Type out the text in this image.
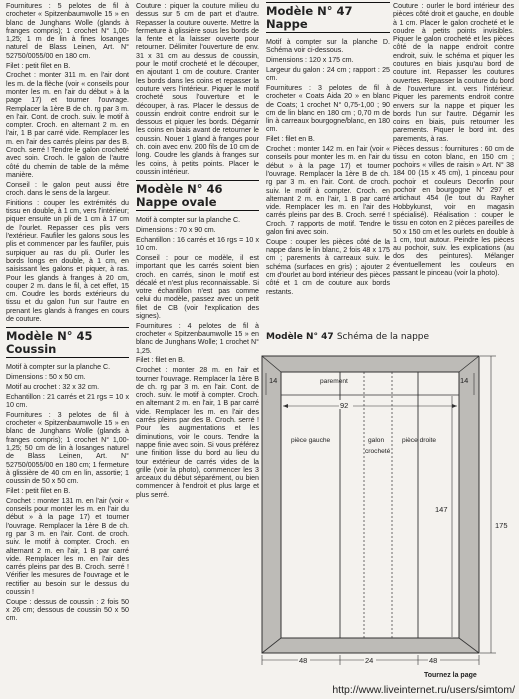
Fournitures : 5 pelotes de fil à crocheter « Spitzenbaumwolle 15 » en blanc de Junghans Wolle (glands à franges compris); 1 crochet N° 1,00-1,25; 1 m de lin à fines losanges naturel de Blass Leinen, Art. N° 52750/0055/00 en 180 cm.

Filet : petit filet en B.

Crochet : monter 311 m. en l'air dont les m. de la flèche (voir « conseils pour monter les m. en l'air du début » à la page 17) et tourner l'ouvrage. Remplacer la 1ère B de ch. rg par 3 m. en l'air. Cont. de croch. suiv. le motif à compter. Croch. en alternant 2 m. en l'air, 1 B par carré vide. Remplacer les m. en l'air des carrés pleins par des B. Croch. serré ! Tendre le galon crocheté avec soin. Croch. le galon de l'autre côté du chemin de table de la même manière.

Conseil : le galon peut aussi être croch. dans le sens de la largeur.

Finitions : couper les extrémités du tissu en double, à 1 cm, vers l'intérieur; piquer ensuite un pli de 1 cm à 17 cm de l'ourlet. Repasser ces plis vers l'extérieur. Faufiler les galons sous les plis et commencer par les faufiler, puis surpiquer au ras du pli. Ourler les bords longs en double, à 1 cm, en saisissant les galons et piquer, à ras. Pour les glands à franges à 20 cm, couper 2 m. dans le fil, à cet effet, 15 cm. Coudre les bords extérieurs du tissu et du galon l'un sur l'autre en prenant les glands à franges en cours de couture.

Modèle N° 45
Coussin

Motif à compter sur la planche C.

Dimensions : 50 x 50 cm.

Motif au crochet : 32 x 32 cm.

Echantillon : 21 carrés et 21 rgs = 10 x 10 cm.

Fournitures : 3 pelotes de fil à crocheter « Spitzenbaumwolle 15 » en blanc de Junghans Wolle (glands à franges compris); 1 crochet N° 1,00-1,25; 50 cm de lin à losanges naturel de Blass Leinen, Art. N° 52750/0055/00 en 180 cm; 1 fermeture à glissière de 40 cm en lin, assortie; 1 coussin de 50 x 50 cm.

Filet : petit filet en B.

Crochet : monter 131 m. en l'air (voir « conseils pour monter les m. en l'air du début » à la page 17) et tourner l'ouvrage. Remplacer la 1ère B de ch. rg par 3 m. en l'air. Cont. de croch. suiv. le motif à compter. Croch. en alternant 2 m. en l'air, 1 B par carré vide. Remplacer les m. en l'air des carrés pleins par des B. Croch. serré ! Vérifier les mesures de l'ouvrage et le rectifier au besoin sur le dessus du coussin !

Coupe : dessus de coussin : 2 fois 50 x 26 cm; dessous de coussin 50 x 50 cm.

Couture : piquer la couture milieu du dessus sur 5 cm de part et d'autre. Repasser la couture ouverte. Mettre la fermeture à glissière sous les bords de la fente et la laisser ouverte pour retourner. Délimiter l'ouverture de env. 31 x 31 cm au dessus de coussin, pour le motif crocheté et le découper, en ajoutant 1 cm de couture. Cranter les bords dans les coins et repasser la couture vers l'intérieur. Piquer le motif crocheté sous l'ouverture et le découper, à ras. Placer le dessus de coussin endroit contre endroit sur le dessous et piquer les bords. Dégarnir les coins en biais avant de retourner le coussin. Nouer 1 gland à franges pour ch. coin avec env. 200 fils de 10 cm de long. Coudre les glands à franges sur les coins, à petits points. Placer le coussin intérieur.

Modèle N° 46
Nappe ovale

Motif à compter sur la planche C.

Dimensions : 70 x 90 cm.

Echantillon : 16 carrés et 16 rgs = 10 x 10 cm.

Conseil : pour ce modèle, il est important que les carrés soient bien croch. en carrés, sinon le motif est décalé et n'est plus reconnaissable. Si votre échantillon n'est pas comme celui du modèle, passez avec un petit filet de CB (voir l'explication des signes).

Fournitures : 4 pelotes de fil à crocheter « Spitzenbaumwolle 15 » en blanc de Junghans Wolle; 1 crochet N° 1,25.

Filet : filet en B.

Crochet : monter 28 m. en l'air et tourner l'ouvrage. Remplacer la 1ère B de ch. rg par 3 m. en l'air. Cont. de croch. suiv. le motif à compter. Croch. en alternant 2 m. en l'air, 1 B par carré vide. Remplacer les m. en l'air des carrés pleins par des B. Croch. serré ! Pour les augmentations et les diminutions, voir le cours. Tendre la nappe finie avec soin. Si vous préférez une finition lisse du bord au lieu du tour extérieur de carrés vides de la grille (voir la photo), commencer les 3 arceaux du début séparément, ou bien commencer à l'endroit et plus large et plus serré.

Modèle N° 47
Nappe

Motif à compter sur la planche D. Schéma voir ci-dessous.

Dimensions : 120 x 175 cm.

Largeur du galon : 24 cm ; rapport : 25 cm.

Fournitures : 3 pelotes de fil à crocheter « Coats Aida 20 » en blanc de Coats; 1 crochet N° 0,75-1,00 ; 90 cm de lin blanc en 180 cm ; 0,70 m de lin à carreaux bourgogne/blanc, en 180 cm.

Filet : filet en B.

Crochet : monter 142 m. en l'air (voir « conseils pour monter les m. en l'air du début » à la page 17) et tourner l'ouvrage. Remplacer la 1ère B de ch. rg par 3 m. en l'air. Cont. de croch. suiv. le motif à compter. Croch. en alternant 2 m. en l'air, 1 B par carré vide. Remplacer les m. en l'air des carrés pleins par des B. Croch. serré ! Croch. 7 rapports de motif. Tendre le galon fini avec soin.

Coupe : couper les pièces côté de la nappe dans le lin blanc, 2 fois 48 x 175 cm ; parements à carreaux suiv. le schéma (surfaces en gris) ; ajouter 2 cm d'ourlet au bord intérieur des pièces côté et 1 cm de couture aux bords restants.

Couture : ourler le bord intérieur des pièces côté droit et gauche, en double à 1 cm. Placer le galon crocheté et le coudre à petits points invisibles. Piquer le galon crocheté et les pièces côté de la nappe endroit contre endroit, suiv. le schéma et piquer les coutures en biais jusqu'au bord de couture int. Repasser les coutures ouvertes. Repasser la couture du bord de l'ouverture int. vers l'intérieur. Piquer les parements endroit contre envers sur la nappe et piquer les bords l'un sur l'autre. Dégarnir les coins en biais, puis retourner les parements. Piquer le bord int. des parements, à ras.

Pièces dessus : fournitures : 60 cm de tissu en coton blanc, en 150 cm ; pochoirs « villes de raisin » Art. N° 38 184 00 (15 x 45 cm), 1 pinceau pour pochoir et couleurs Decorfin pour pochoir en bourgogne N° 297 et artichaut 454 (le tout du Rayher Hobbykunst, voir en magasin spécialisé). Réalisation : couper le tissu en coton en 2 pièces pareilles de 50 x 150 cm et les ourlets en double à 1 cm, tout autour. Peindre les pièces au pochoir, suiv. les explications (au dos des peintures). Mélanger éventuellement les couleurs en passant le pinceau (voir la photo).

Modèle N° 47 Schéma de la nappe
parement
pièce gauche	galon
crocheté
pièce droite
14	14
92
147
175
48	24	48
Tournez la page
http://www.liveinternet.ru/users/simtom/
